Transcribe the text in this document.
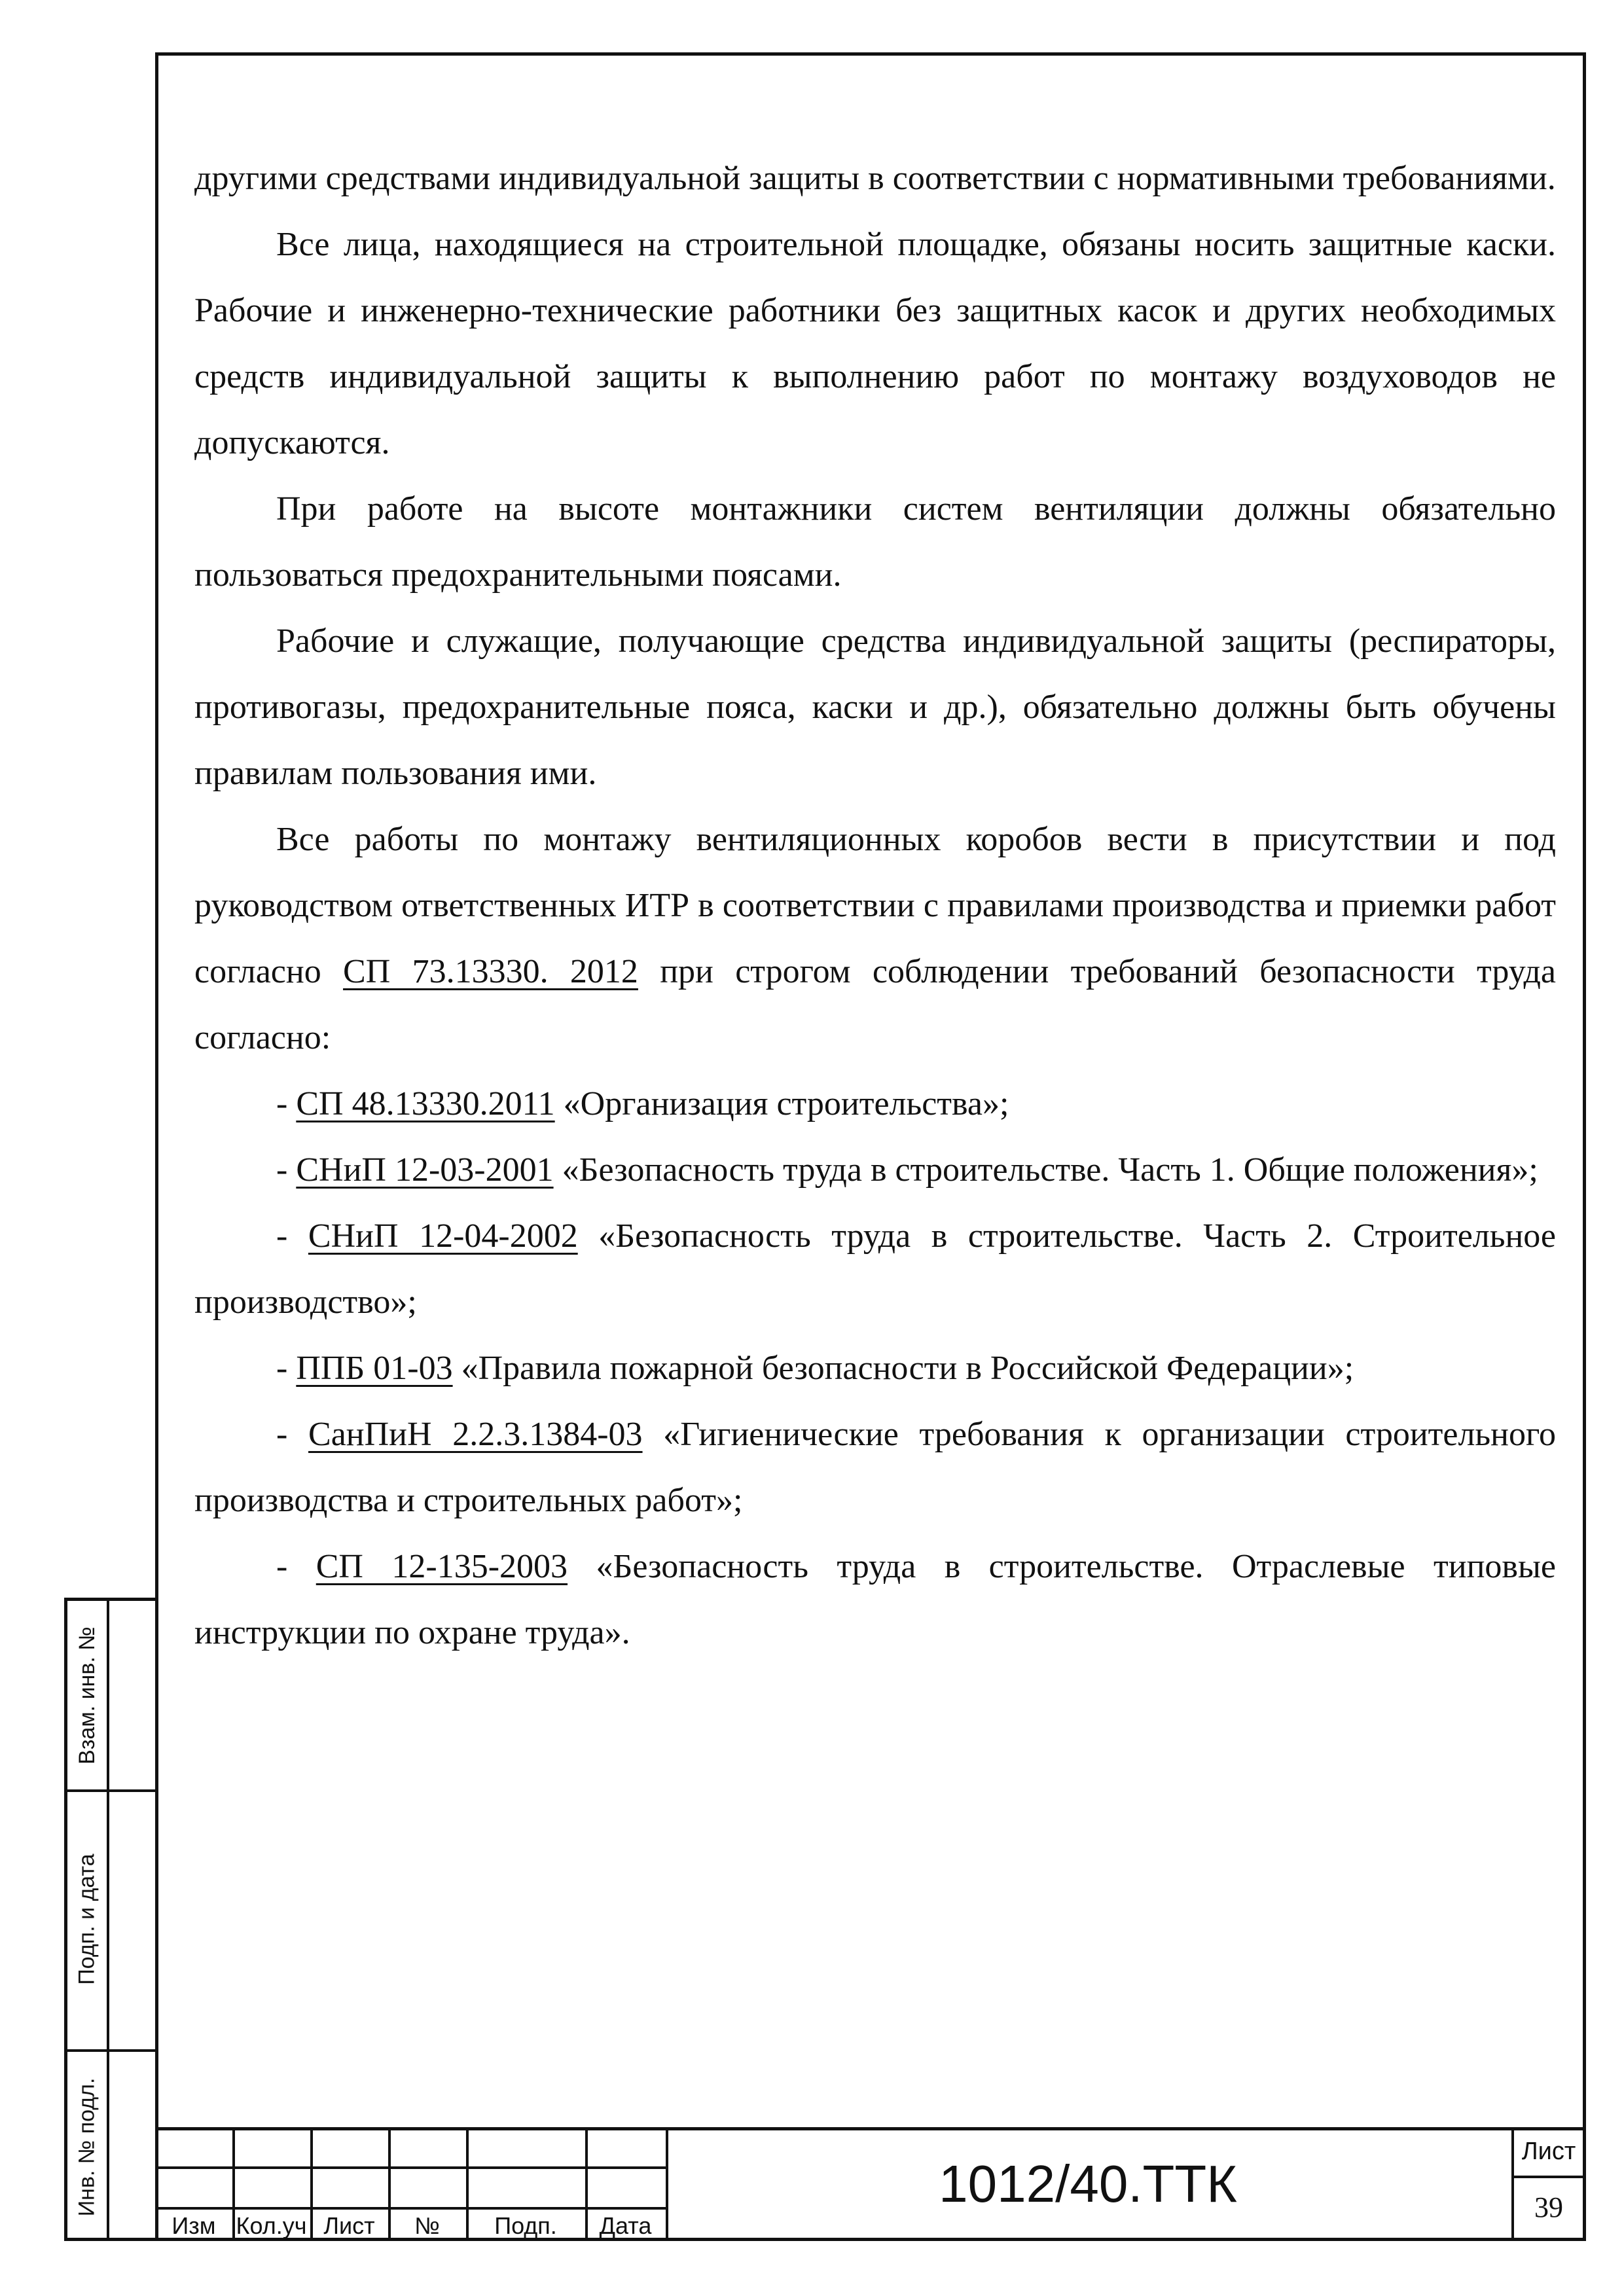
другими средствами индивидуальной защиты в соответствии с нормативными требованиями.

Все лица, находящиеся на строительной площадке, обязаны носить защитные каски. Рабочие и инженерно-технические работники без защитных касок и других необходимых средств индивидуальной защиты к выполнению работ по монтажу воздуховодов не допускаются.

При работе на высоте монтажники систем вентиляции должны обязательно пользоваться предохранительными поясами.

Рабочие и служащие, получающие средства индивидуальной защиты (респираторы, противогазы, предохранительные пояса, каски и др.), обязательно должны быть обучены правилам пользования ими.

Все работы по монтажу вентиляционных коробов вести в присутствии и под руководством ответственных ИТР в соответствии с правилами производства и приемки работ согласно СП 73.13330. 2012 при строгом соблюдении требований безопасности труда согласно:

- СП 48.13330.2011 «Организация строительства»;

- СНиП 12-03-2001 «Безопасность труда в строительстве. Часть 1. Общие положения»;

- СНиП 12-04-2002 «Безопасность труда в строительстве. Часть 2. Строительное производство»;

- ППБ 01-03 «Правила пожарной безопасности в Российской Федерации»;

- СанПиН 2.2.3.1384-03 «Гигиенические требования к организации строительного производства и строительных работ»;

- СП 12-135-2003 «Безопасность труда в строительстве. Отраслевые типовые инструкции по охране труда».

Взам. инв. №
Подп. и дата
Инв. № подл.
Изм Кол.уч Лист	№	Подп.	Дата
1012/40.ТТК
Лист
39
